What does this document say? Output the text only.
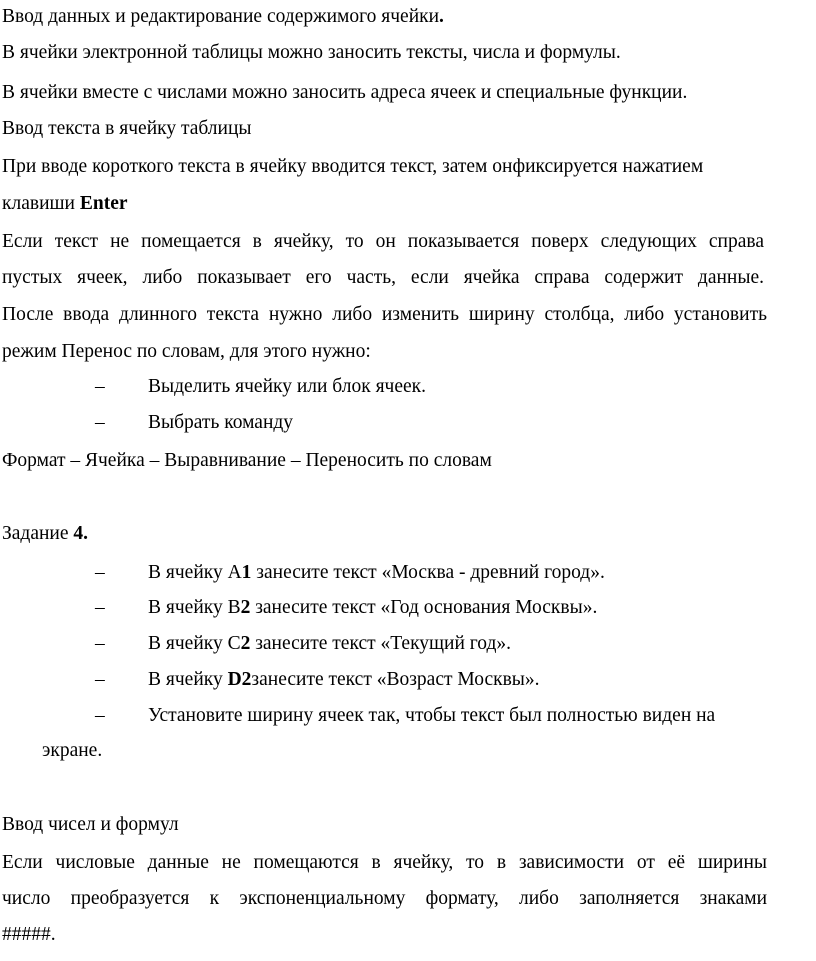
Ввод данных и редактирование содержимого ячейки.
В ячейки электронной таблицы можно заносить тексты, числа и формулы.
В ячейки вместе с числами можно заносить адреса ячеек и специальные функции.
Ввод текста в ячейку таблицы
При вводе короткого текста в ячейку вводится текст, затем онфиксируется нажатием
клавиши Enter
Если текст не помещается в ячейку, то он показывается поверх следующих справа
пустых ячеек, либо показывает его часть, если ячейка справа содержит данные.
После ввода длинного текста нужно либо изменить ширину столбца, либо установить
режим Перенос по словам, для этого нужно:
– Выделить ячейку или блок ячеек.
– Выбрать команду
Формат – Ячейка – Выравнивание – Переносить по словам
Задание 4.
– В ячейку A1 занесите текст «Москва - древний город».
– В ячейку B2 занесите текст «Год основания Москвы».
– В ячейку C2 занесите текст «Текущий год».
– В ячейку D2занесите текст «Возраст Москвы».
– Установите ширину ячеек так, чтобы текст был полностью виден на
экране.
Ввод чисел и формул
Если числовые данные не помещаются в ячейку, то в зависимости от её ширины
число преобразуется к экспоненциальному формату, либо заполняется знаками
#####.
